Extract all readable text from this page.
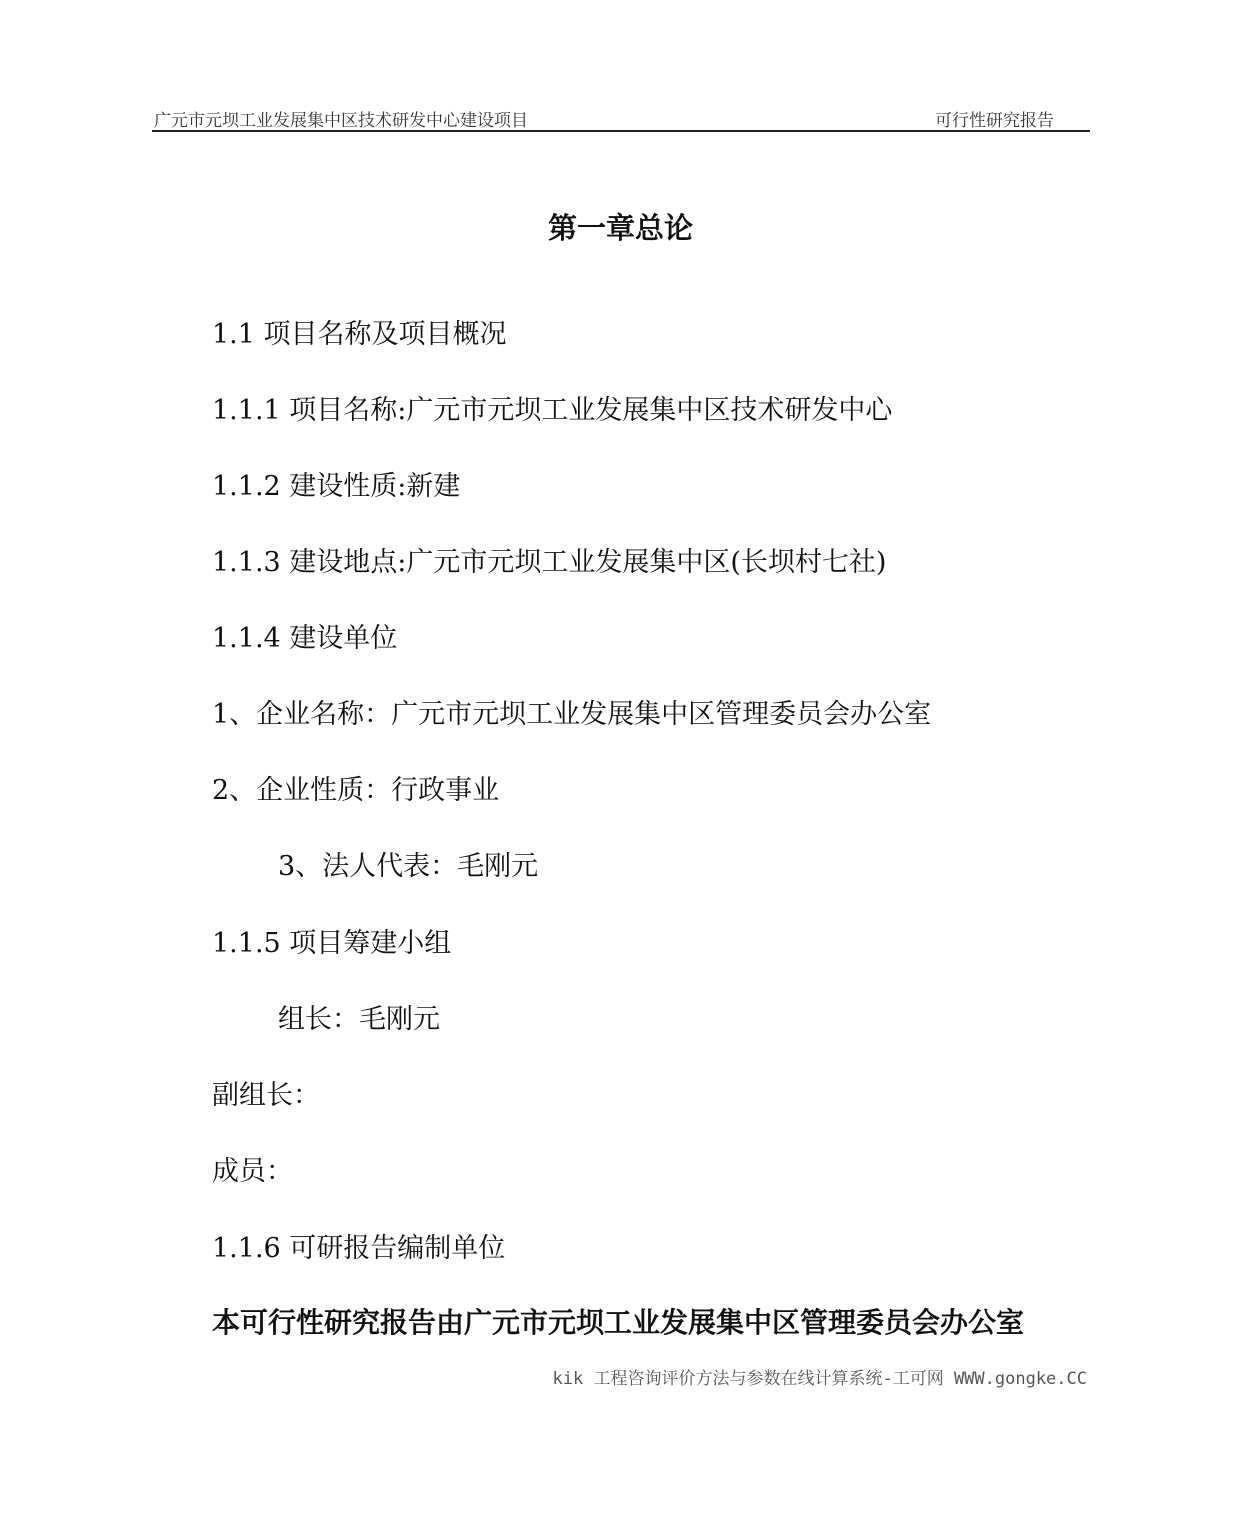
广元市元坝工业发展集中区技术研发中心建设项目	可行性研究报告
第一章总论
1.1 项目名称及项目概况
1.1.1 项目名称:广元市元坝工业发展集中区技术研发中心
1.1.2 建设性质:新建
1.1.3 建设地点:广元市元坝工业发展集中区(长坝村七社)
1.1.4 建设单位
1、企业名称：广元市元坝工业发展集中区管理委员会办公室
2、企业性质：行政事业
3、法人代表：毛刚元
1.1.5 项目筹建小组
组长：毛刚元
副组长：
成员：
1.1.6 可研报告编制单位
本可行性研究报告由广元市元坝工业发展集中区管理委员会办公室
kik 工程咨询评价方法与参数在线计算系统-工可网 WWW.gongke.CC
